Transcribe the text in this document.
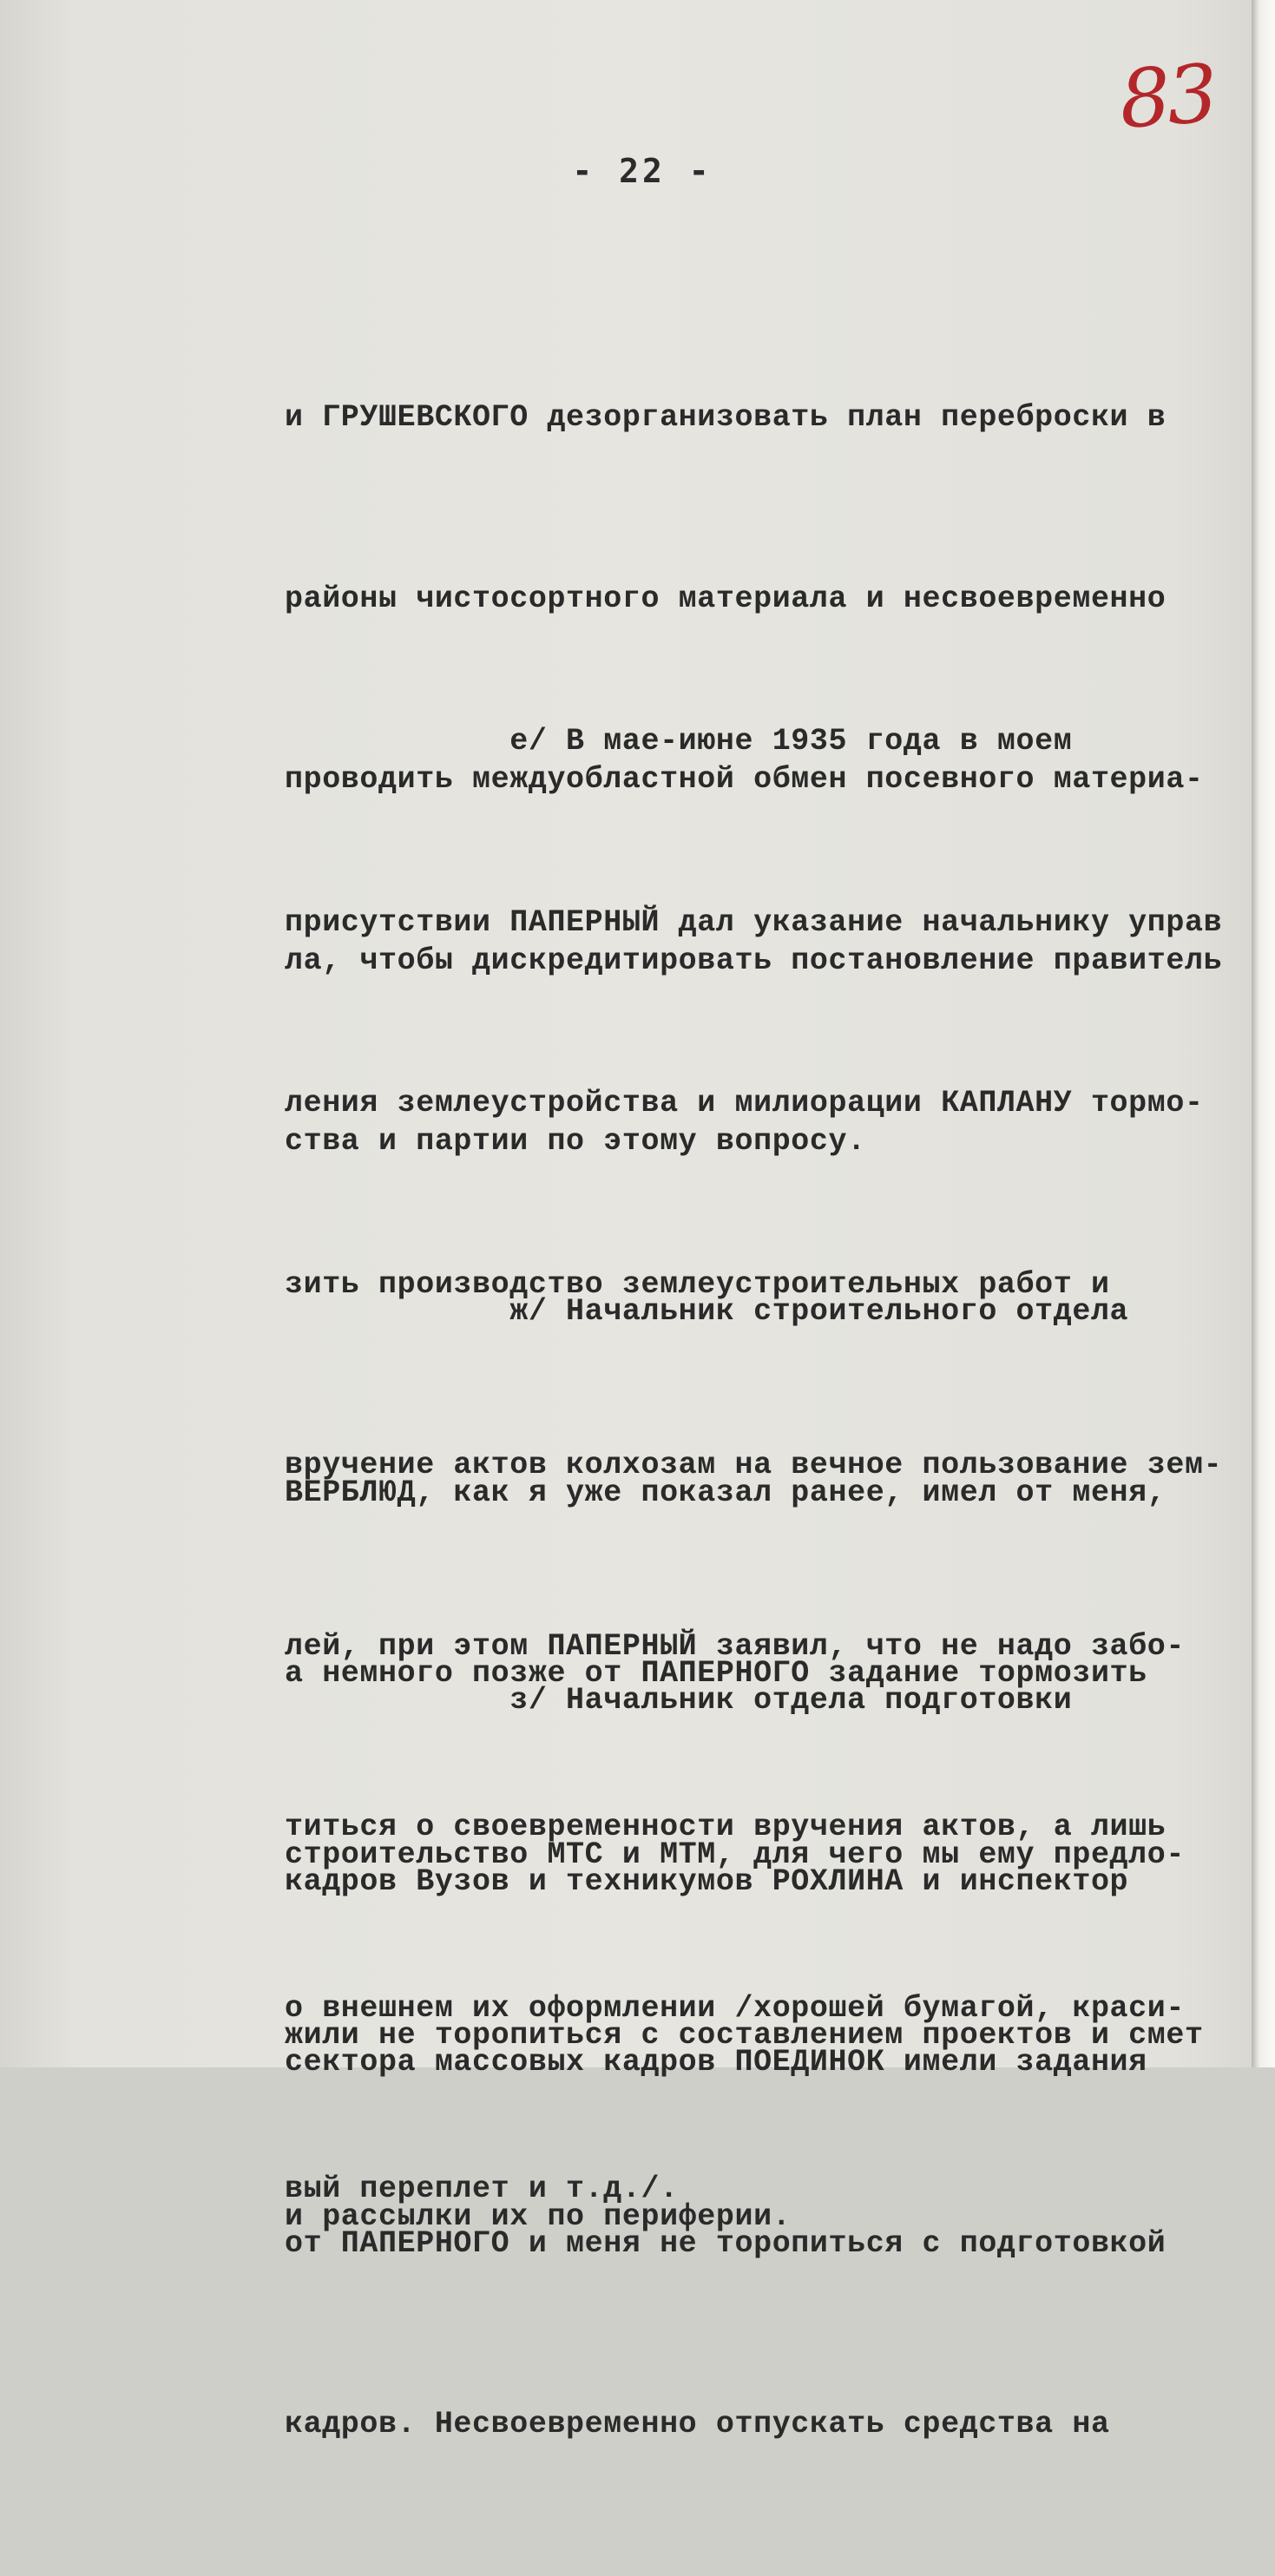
83
- 22 -

и ГРУШЕВСКОГО дезорганизовать план переброски в

районы чистосортного материала и несвоевременно

проводить междуобластной обмен посевного материа-

ла, чтобы дискредитировать постановление правитель

ства и партии по этому вопросу.

е/ В мае-июне 1935 года в моем

присутствии ПАПЕРНЫЙ дал указание начальнику управ

ления землеустройства и милиорации КАПЛАНУ тормо-

зить производство землеустроительных работ и

вручение актов колхозам на вечное пользование зем-

лей, при этом ПАПЕРНЫЙ заявил, что не надо забо-

титься о своевременности вручения актов, а лишь

о внешнем их оформлении /хорошей бумагой, краси-

вый переплет и т.д./.

ж/ Начальник строительного отдела

ВЕРБЛЮД, как я уже показал ранее, имел от меня,

а немного позже от ПАПЕРНОГО задание тормозить

строительство МТС и МТМ, для чего мы ему предло-

жили не торопиться с составлением проектов и смет

и рассылки их по периферии.

з/ Начальник отдела подготовки

кадров Вузов и техникумов РОХЛИНА и инспектор

сектора массовых кадров ПОЕДИНОК имели задания

от ПАПЕРНОГО и меня не торопиться с подготовкой

кадров. Несвоевременно отпускать средства на
